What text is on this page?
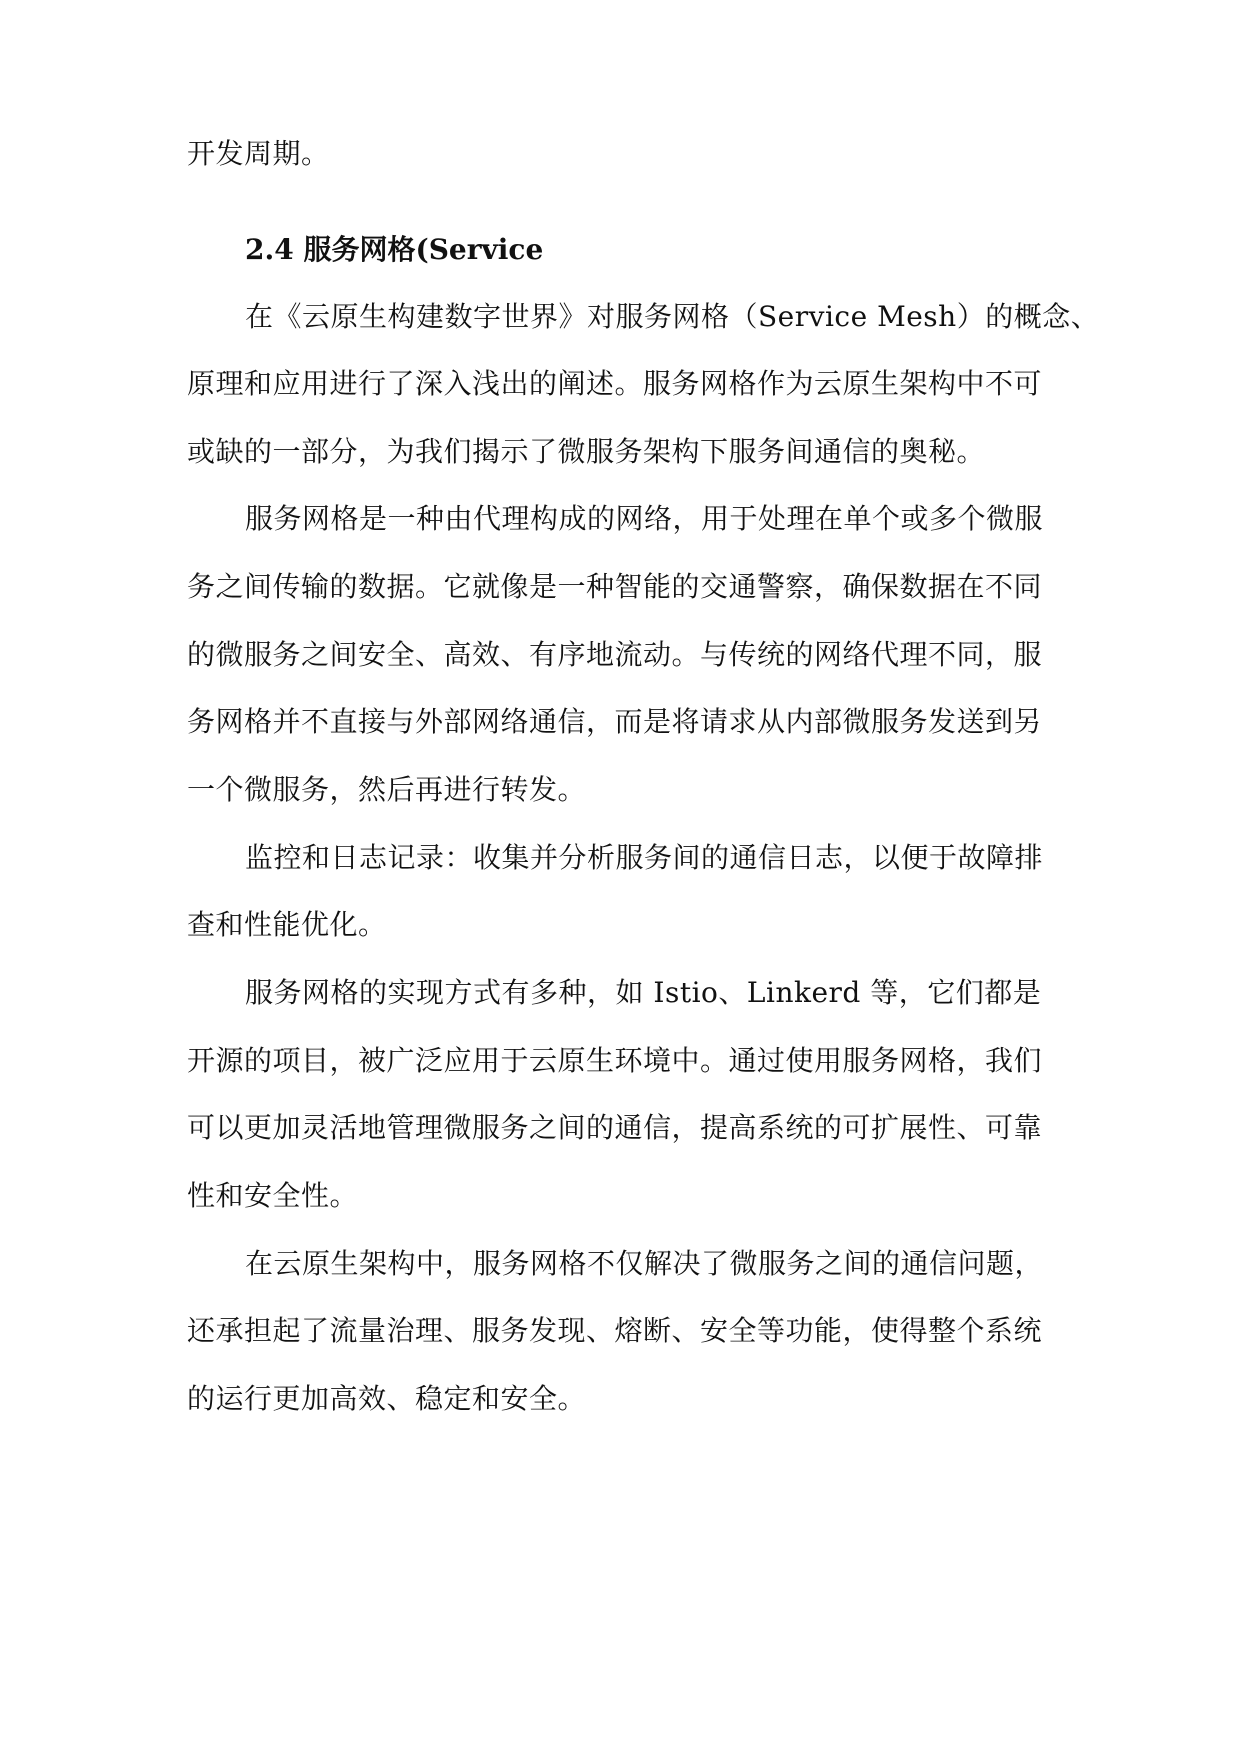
开发周期。
2.4 服务网格(Service
在《云原生构建数字世界》对服务网格（Service Mesh）的概念、
原理和应用进行了深入浅出的阐述。服务网格作为云原生架构中不可
或缺的一部分，为我们揭示了微服务架构下服务间通信的奥秘。
服务网格是一种由代理构成的网络，用于处理在单个或多个微服
务之间传输的数据。它就像是一种智能的交通警察，确保数据在不同
的微服务之间安全、高效、有序地流动。与传统的网络代理不同，服
务网格并不直接与外部网络通信，而是将请求从内部微服务发送到另
一个微服务，然后再进行转发。
监控和日志记录：收集并分析服务间的通信日志，以便于故障排
查和性能优化。
服务网格的实现方式有多种，如 Istio、Linkerd 等，它们都是
开源的项目，被广泛应用于云原生环境中。通过使用服务网格，我们
可以更加灵活地管理微服务之间的通信，提高系统的可扩展性、可靠
性和安全性。
在云原生架构中，服务网格不仅解决了微服务之间的通信问题，
还承担起了流量治理、服务发现、熔断、安全等功能，使得整个系统
的运行更加高效、稳定和安全。
